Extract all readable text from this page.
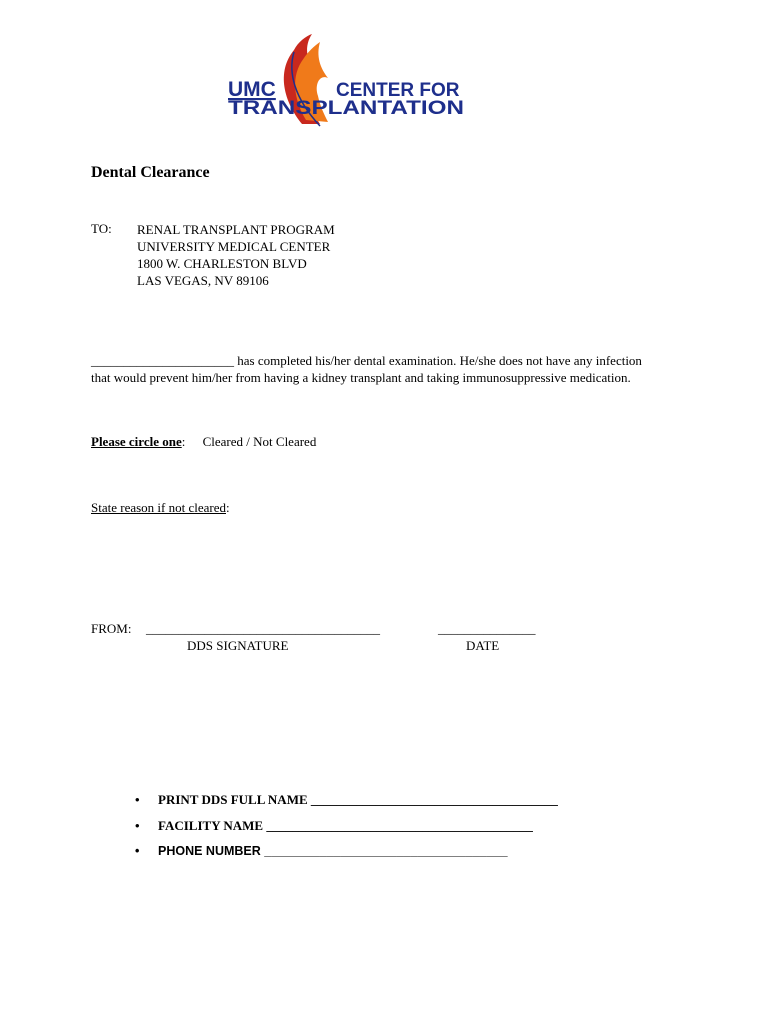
UMC	CENTER FOR
TRANSPLANTATION
Dental Clearance
TO: RENAL TRANSPLANT PROGRAM
UNIVERSITY MEDICAL CENTER
1800 W. CHARLESTON BLVD
LAS VEGAS, NV 89106
______________________ has completed his/her dental examination. He/she does not have any infection
that would prevent him/her from having a kidney transplant and taking immunosuppressive medication.
Please circle one: Cleared / Not Cleared
State reason if not cleared:
FROM: ____________________________________	_______________
DDS SIGNATURE	DATE
•	PRINT DDS FULL NAME ______________________________________
•	FACILITY NAME _________________________________________
•	PHONE NUMBER ___________________________________
